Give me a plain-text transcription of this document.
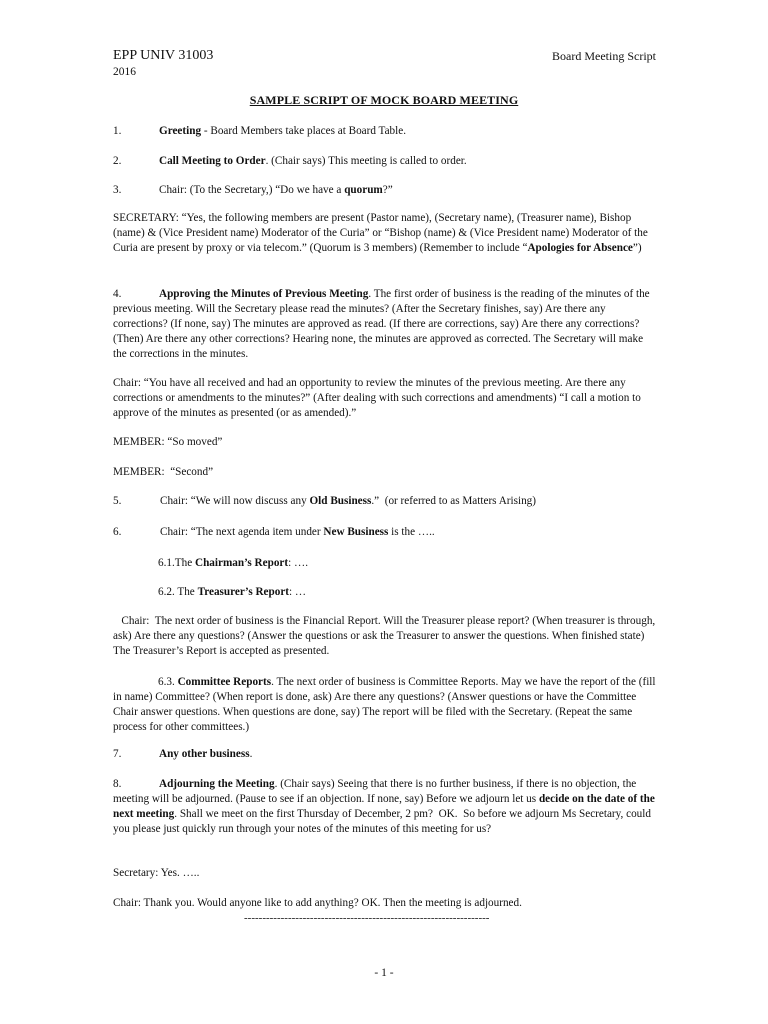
EPP UNIV 31003
2016
Board Meeting Script
SAMPLE SCRIPT OF MOCK BOARD MEETING
1.	Greeting - Board Members take places at Board Table.
2.	Call Meeting to Order. (Chair says) This meeting is called to order.
3.	Chair: (To the Secretary,) “Do we have a quorum?”
SECRETARY: “Yes, the following members are present (Pastor name), (Secretary name), (Treasurer name), Bishop (name) & (Vice President name) Moderator of the Curia” or “Bishop (name) & (Vice President name) Moderator of the Curia are present by proxy or via telecom.” (Quorum is 3 members) (Remember to include “Apologies for Absence”)
4.	Approving the Minutes of Previous Meeting. The first order of business is the reading of the minutes of the previous meeting. Will the Secretary please read the minutes? (After the Secretary finishes, say) Are there any corrections? (If none, say) The minutes are approved as read. (If there are corrections, say) Are there any corrections? (Then) Are there any other corrections? Hearing none, the minutes are approved as corrected. The Secretary will make the corrections in the minutes.
Chair: “You have all received and had an opportunity to review the minutes of the previous meeting. Are there any corrections or amendments to the minutes?” (After dealing with such corrections and amendments) “I call a motion to approve of the minutes as presented (or as amended).”
MEMBER: “So moved”
MEMBER:  “Second”
5.	Chair: “We will now discuss any Old Business.”  (or referred to as Matters Arising)
6.	Chair: “The next agenda item under New Business is the …..
6.1.The Chairman’s Report: ….
6.2. The Treasurer’s Report: …
Chair:  The next order of business is the Financial Report. Will the Treasurer please report? (When treasurer is through, ask) Are there any questions? (Answer the questions or ask the Treasurer to answer the questions. When finished state) The Treasurer’s Report is accepted as presented.
6.3. Committee Reports. The next order of business is Committee Reports. May we have the report of the (fill in name) Committee? (When report is done, ask) Are there any questions? (Answer questions or have the Committee Chair answer questions. When questions are done, say) The report will be filed with the Secretary. (Repeat the same process for other committees.)
7.	Any other business.
8.	Adjourning the Meeting. (Chair says) Seeing that there is no further business, if there is no objection, the meeting will be adjourned. (Pause to see if an objection. If none, say) Before we adjourn let us decide on the date of the next meeting. Shall we meet on the first Thursday of December, 2 pm?  OK.  So before we adjourn Ms Secretary, could you please just quickly run through your notes of the minutes of this meeting for us?
Secretary: Yes. …..
Chair: Thank you. Would anyone like to add anything? OK. Then the meeting is adjourned.
-------------------------------------------------------------------
- 1 -
